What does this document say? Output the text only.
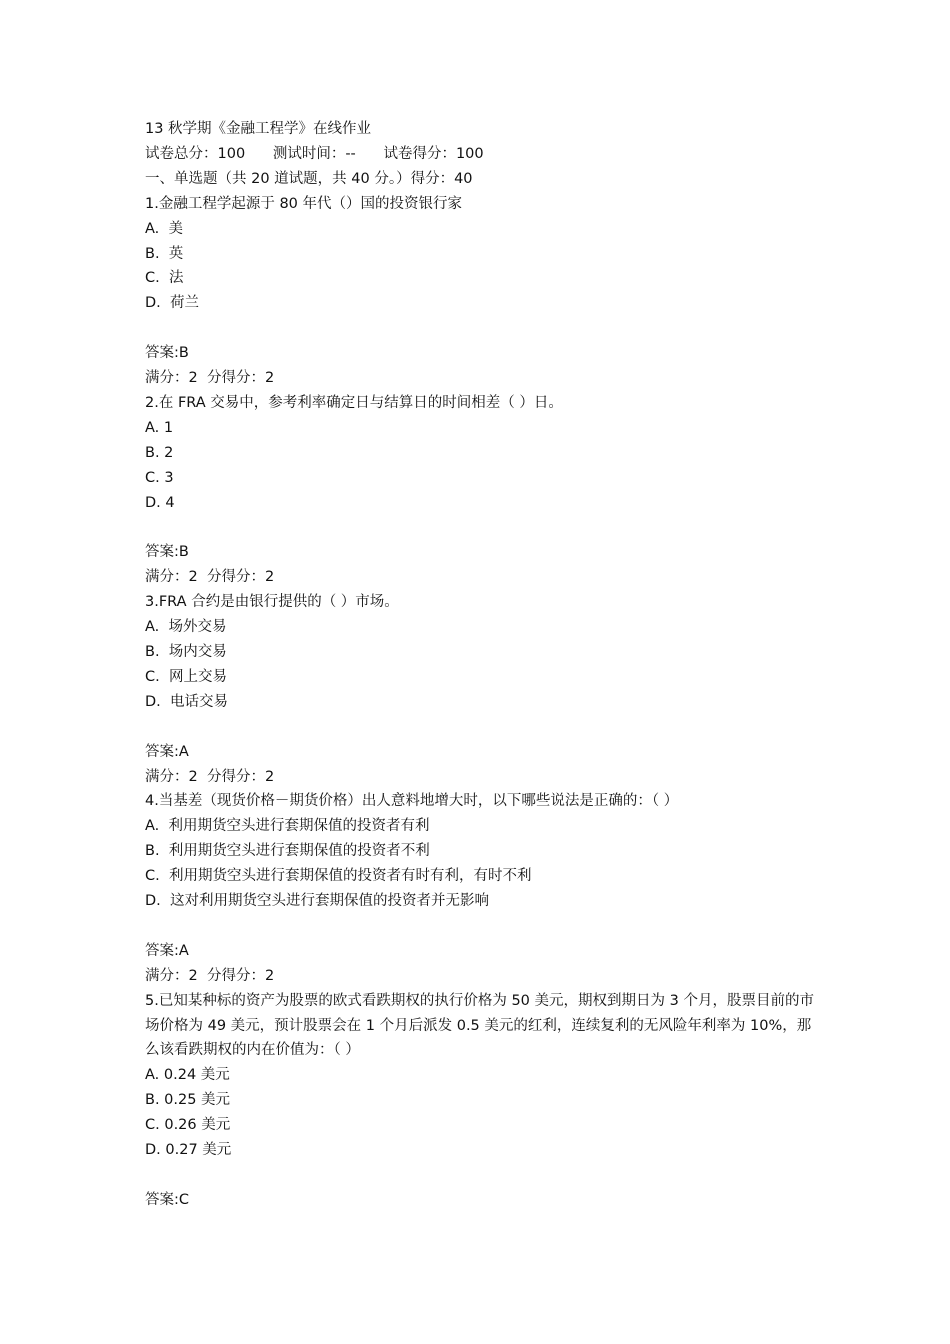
13 秋学期《金融工程学》在线作业
试卷总分：100      测试时间：--      试卷得分：100
一、单选题（共 20 道试题，共 40 分。）得分：40
1.金融工程学起源于 80 年代（）国的投资银行家
A.  美
B.  英
C.  法
D.  荷兰
答案:B
满分：2  分得分：2
2.在 FRA 交易中，参考利率确定日与结算日的时间相差（ ）日。
A. 1
B. 2
C. 3
D. 4
答案:B
满分：2  分得分：2
3.FRA 合约是由银行提供的（ ）市场。
A.  场外交易
B.  场内交易
C.  网上交易
D.  电话交易
答案:A
满分：2  分得分：2
4.当基差（现货价格－期货价格）出人意料地增大时，以下哪些说法是正确的：（ ）
A.  利用期货空头进行套期保值的投资者有利
B.  利用期货空头进行套期保值的投资者不利
C.  利用期货空头进行套期保值的投资者有时有利，有时不利
D.  这对利用期货空头进行套期保值的投资者并无影响
答案:A
满分：2  分得分：2
5.已知某种标的资产为股票的欧式看跌期权的执行价格为 50 美元，期权到期日为 3 个月，股票目前的市场价格为 49 美元，预计股票会在 1 个月后派发 0.5 美元的红利，连续复利的无风险年利率为 10%，那么该看跌期权的内在价值为：（ ）
A. 0.24 美元
B. 0.25 美元
C. 0.26 美元
D. 0.27 美元
答案:C
